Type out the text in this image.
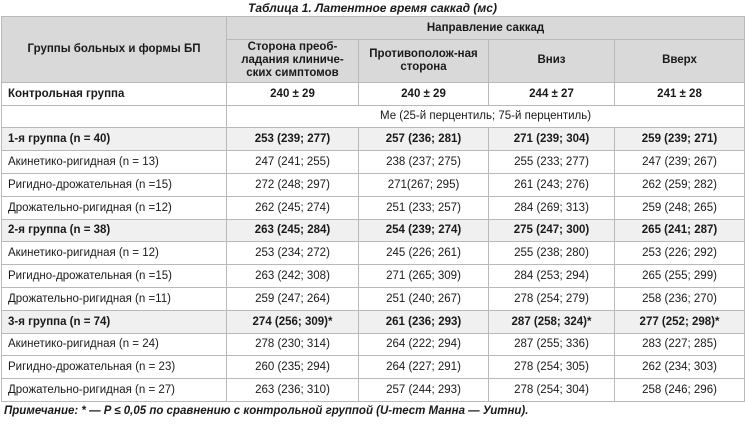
Таблица 1. Латентное время саккад (мс)
Группы больных и формы БП	Направление саккад			
	Сторона преоб-ладания клиниче-ских симптомов	Противополож-ная сторона	Вниз	Вверх
Контрольная группа	240 ± 29	240 ± 29	244 ± 27	241 ± 28
	Ме (25-й перцентиль; 75-й перцентиль)			
1-я группа (n = 40)	253 (239; 277)	257 (236; 281)	271 (239; 304)	259 (239; 271)
Акинетико-ригидная (n = 13)	247 (241; 255)	238 (237; 275)	255 (233; 277)	247 (239; 267)
Ригидно-дрожательная (n =15)	272 (248; 297)	271(267; 295)	261 (243; 276)	262 (259; 282)
Дрожательно-ригидная (n =12)	262 (245; 274)	251 (233; 257)	284 (269; 313)	259 (248; 265)
2-я группа (n = 38)	263 (245; 284)	254 (239; 274)	275 (247; 300)	265 (241; 287)
Акинетико-ригидная (n = 12)	253 (234; 272)	245 (226; 261)	255 (238; 280)	253 (226; 292)
Ригидно-дрожательная (n =15)	263 (242; 308)	271 (265; 309)	284 (253; 294)	265 (255; 299)
Дрожательно-ригидная (n =11)	259 (247; 264)	251 (240; 267)	278 (254; 279)	258 (236; 270)
3-я группа (n = 74)	274 (256; 309)*	261 (236; 293)	287 (258; 324)*	277 (252; 298)*
Акинетико-ригидная (n = 24)	278 (230; 314)	264 (222; 294)	287 (255; 336)	283 (227; 285)
Ригидно-дрожательная (n = 23)	260 (235; 294)	264 (227; 291)	278 (254; 305)	262 (234; 303)
Дрожательно-ригидная (n = 27)	263 (236; 310)	257 (244; 293)	278 (254; 304)	258 (246; 296)
Примечание: * — P ≤ 0,05 по сравнению с контрольной группой (U-тест Манна — Уитни).
